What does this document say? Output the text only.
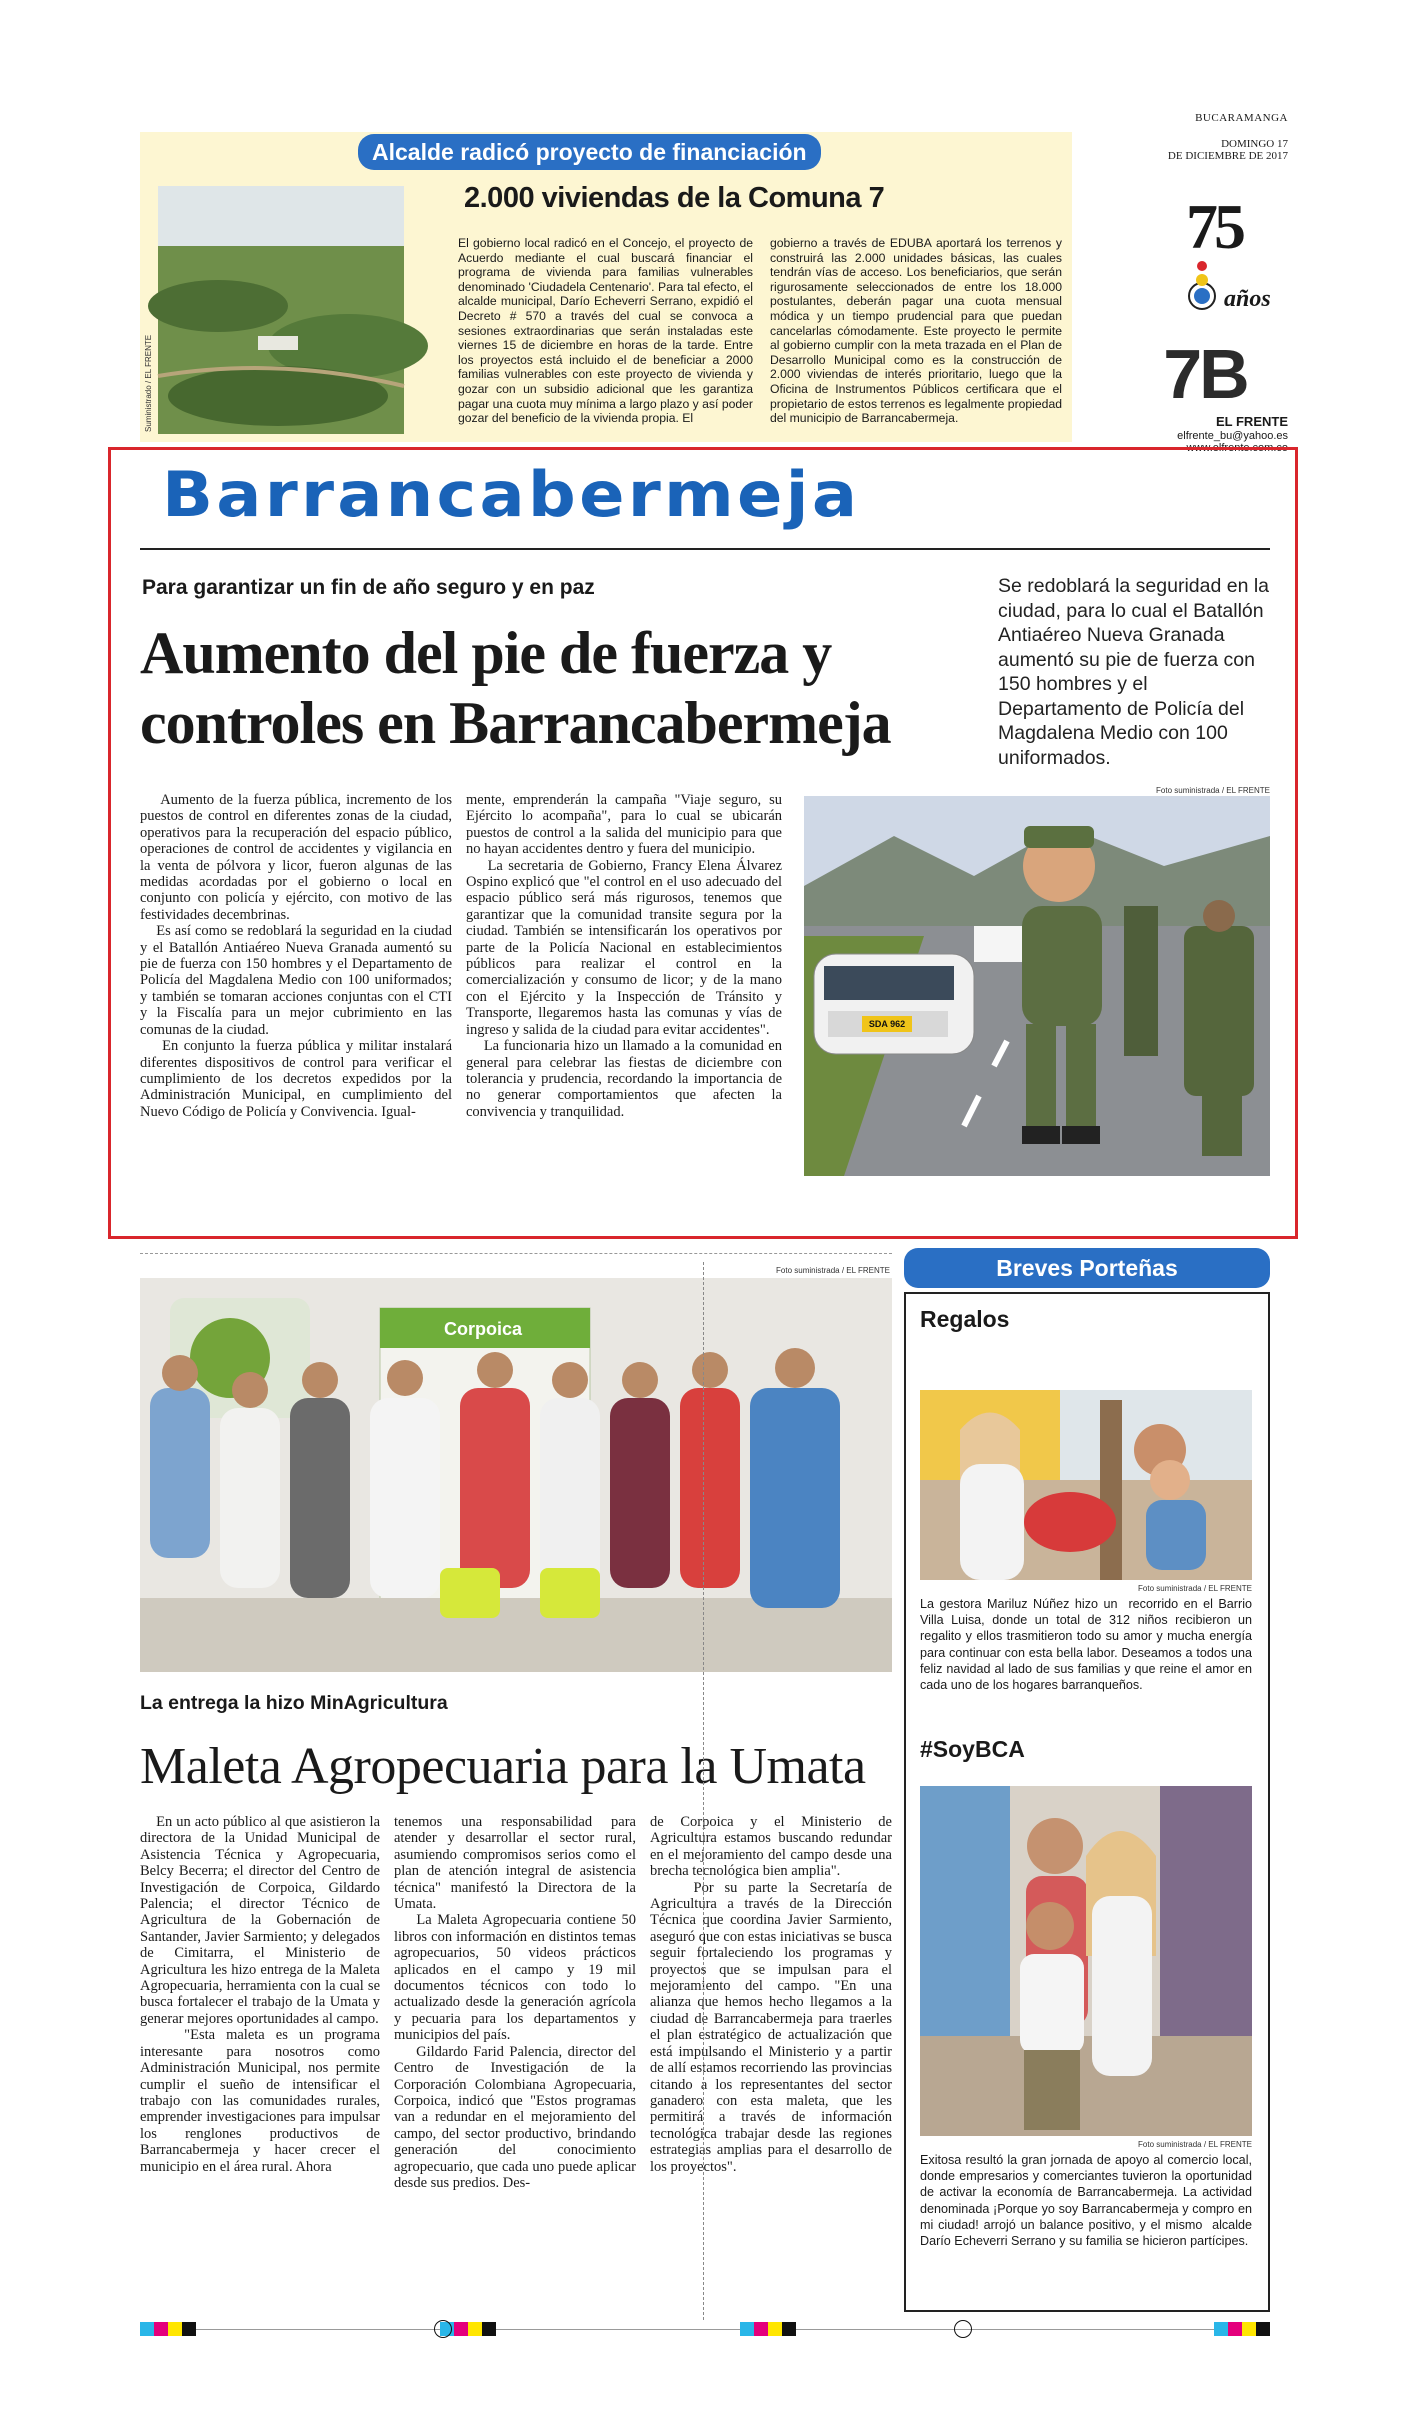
BUCARAMANGA
DOMINGO 17
DE DICIEMBRE DE 2017
75
años
7B
EL FRENTE
elfrente_bu@yahoo.es
www.elfrente.com.co
Alcalde radicó proyecto de financiación
Suministrado / EL FRENTE
2.000 viviendas de la Comuna 7
El gobierno local radicó en el Concejo, el proyecto de Acuerdo mediante el cual buscará financiar el programa de vivienda para familias vulnerables denominado 'Ciudadela Centenario'. Para tal efecto, el alcalde municipal, Darío Echeverri Serrano, expidió el Decreto # 570 a través del cual se convoca a sesiones extraordinarias que serán instaladas este viernes 15 de diciembre en horas de la tarde. Entre los proyectos está incluido el de beneficiar a 2000 familias vulnerables con este proyecto de vivienda y gozar con un subsidio adicional que les garantiza pagar una cuota muy mínima a largo plazo y así poder gozar del beneficio de la vivienda propia. El
gobierno a través de EDUBA aportará los terrenos y construirá las 2.000 unidades básicas, las cuales tendrán vías de acceso. Los beneficiarios, que serán rigurosamente seleccionados de entre los 18.000 postulantes, deberán pagar una cuota mensual módica y un tiempo prudencial para que puedan cancelarlas cómodamente. Este proyecto le permite al gobierno cumplir con la meta trazada en el Plan de Desarrollo Municipal como es la construcción de 2.000 viviendas de interés prioritario, luego que la Oficina de Instrumentos Públicos certificara que el propietario de estos terrenos es legalmente propiedad del municipio de Barrancabermeja.
Barrancabermeja
Para garantizar un fin de año seguro y en paz
Aumento del pie de fuerza y controles en Barrancabermeja
Se redoblará la seguridad en la ciudad, para lo cual el Batallón Antiaéreo Nueva Granada aumentó su pie de fuerza con 150 hombres y el Departamento de Policía del Magdalena Medio con 100 uniformados.
Aumento de la fuerza pública, incremento de los puestos de control en diferentes zonas de la ciudad, operativos para la recuperación del espacio público, operaciones de control de accidentes y vigilancia en la venta de pólvora y licor, fueron algunas de las medidas acordadas por el gobierno o local en conjunto con policía y ejército, con motivo de las festividades decembrinas.
Es así como se redoblará la seguridad en la ciudad y el Batallón Antiaéreo Nueva Granada aumentó su pie de fuerza con 150 hombres y el Departamento de Policía del Magdalena Medio con 100 uniformados; y también se tomaran acciones conjuntas con el CTI y la Fiscalía para un mejor cubrimiento en las comunas de la ciudad.
En conjunto la fuerza pública y militar instalará diferentes dispositivos de control para verificar el cumplimiento de los decretos expedidos por la Administración Municipal, en cumplimiento del Nuevo Código de Policía y Convivencia. Igual-
mente, emprenderán la campaña "Viaje seguro, su Ejército lo acompaña", para lo cual se ubicarán puestos de control a la salida del municipio para que no hayan accidentes dentro y fuera del municipio.
La secretaria de Gobierno, Francy Elena Álvarez Ospino explicó que "el control en el uso adecuado del espacio público será más rigurosos, tenemos que garantizar que la comunidad transite segura por la ciudad. También se intensificarán los operativos por parte de la Policía Nacional en establecimientos públicos para realizar el control en la comercialización y consumo de licor; y de la mano con el Ejército y la Inspección de Tránsito y Transporte, llegaremos hasta las comunas y vías de ingreso y salida de la ciudad para evitar accidentes".
La funcionaria hizo un llamado a la comunidad en general para celebrar las fiestas de diciembre con tolerancia y prudencia, recordando la importancia de no generar comportamientos que afecten la convivencia y tranquilidad.
Foto suministrada / EL FRENTE
SDA 962
Foto suministrada / EL FRENTE
Corpoica
La entrega la hizo MinAgricultura
Maleta Agropecuaria para la Umata
En un acto público al que asistieron la directora de la Unidad Municipal de Asistencia Técnica y Agropecuaria, Belcy Becerra; el director del Centro de Investigación de Corpoica, Gildardo Palencia; el director Técnico de Agricultura de la Gobernación de Santander, Javier Sarmiento; y delegados de Cimitarra, el Ministerio de Agricultura les hizo entrega de la Maleta Agropecuaria, herramienta con la cual se busca fortalecer el trabajo de la Umata y generar mejores oportunidades al campo.
"Esta maleta es un programa interesante para nosotros como Administración Municipal, nos permite cumplir el sueño de intensificar el trabajo con las comunidades rurales, emprender investigaciones para impulsar los renglones productivos de Barrancabermeja y hacer crecer el municipio en el área rural. Ahora
tenemos una responsabilidad para atender y desarrollar el sector rural, asumiendo compromisos serios como el plan de atención integral de asistencia técnica" manifestó la Directora de la Umata.
La Maleta Agropecuaria contiene 50 libros con información en distintos temas agropecuarios, 50 videos prácticos aplicados en el campo y 19 mil documentos técnicos con todo lo actualizado desde la generación agrícola y pecuaria para los departamentos y municipios del país.
Gildardo Farid Palencia, director del Centro de Investigación de la Corporación Colombiana Agropecuaria, Corpoica, indicó que "Estos programas van a redundar en el mejoramiento del campo, del sector productivo, brindando generación del conocimiento agropecuario, que cada uno puede aplicar desde sus predios. Des-
de Corpoica y el Ministerio de Agricultura estamos buscando redundar en el mejoramiento del campo desde una brecha tecnológica bien amplia".
Por su parte la Secretaría de Agricultura a través de la Dirección Técnica que coordina Javier Sarmiento, aseguró que con estas iniciativas se busca seguir fortaleciendo los programas y proyectos que se impulsan para el mejoramiento del campo. "En una alianza que hemos hecho llegamos a la ciudad de Barrancabermeja para traerles el plan estratégico de actualización que está impulsando el Ministerio y a partir de allí estamos recorriendo las provincias citando a los representantes del sector ganadero con esta maleta, que les permitirá a través de información tecnológica trabajar desde las regiones estrategias amplias para el desarrollo de los proyectos".
Breves Porteñas
Regalos
Foto suministrada / EL FRENTE
La gestora Mariluz Núñez hizo un  recorrido en el Barrio Villa Luisa, donde un total de 312 niños recibieron un regalito y ellos trasmitieron todo su amor y mucha energía para continuar con esta bella labor. Deseamos a todos una feliz navidad al lado de sus familias y que reine el amor en cada uno de los hogares barranqueños.
#SoyBCA
Foto suministrada / EL FRENTE
Exitosa resultó la gran jornada de apoyo al comercio local, donde empresarios y comerciantes tuvieron la oportunidad de activar la economía de Barrancabermeja. La actividad denominada ¡Porque yo soy Barrancabermeja y compro en mi ciudad! arrojó un balance positivo, y el mismo  alcalde Darío Echeverri Serrano y su familia se hicieron partícipes.
